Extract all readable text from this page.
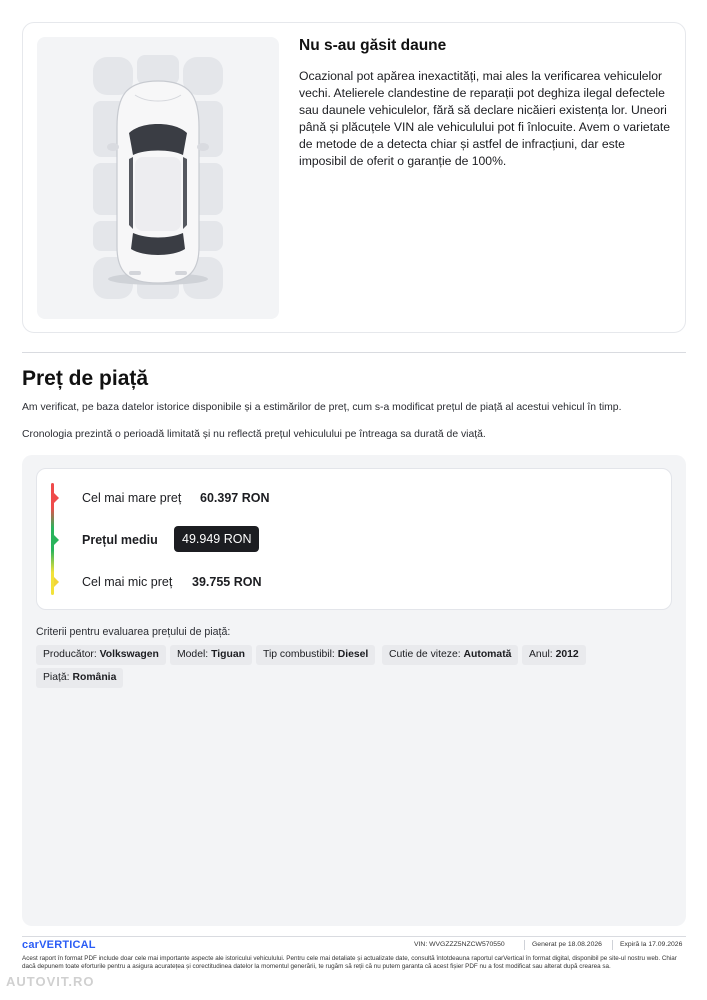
Nu s-au găsit daune
Ocazional pot apărea inexactități, mai ales la verificarea vehiculelor vechi. Atelierele clandestine de reparații pot deghiza ilegal defectele sau daunele vehiculelor, fără să declare nicăieri existența lor. Uneori până și plăcuțele VIN ale vehiculului pot fi înlocuite. Avem o varietate de metode de a detecta chiar și astfel de infracțiuni, dar este imposibil de oferit o garanție de 100%.
Preț de piață
Am verificat, pe baza datelor istorice disponibile și a estimărilor de preț, cum s-a modificat prețul de piață al acestui vehicul în timp.
Cronologia prezintă o perioadă limitată și nu reflectă prețul vehiculului pe întreaga sa durată de viață.
Cel mai mare preț 60.397 RON
Prețul mediu	49.949 RON
Cel mai mic preț 39.755 RON
Criterii pentru evaluarea prețului de piață:
Producător: Volkswagen	Model: Tiguan	Tip combustibil: Diesel	Cutie de viteze: Automată	Anul: 2012
Piață: România
carVERTICAL	VIN: WVGZZZ5NZCW570550	Generat pe 18.08.2026	Expiră la 17.09.2026
Acest raport în format PDF include doar cele mai importante aspecte ale istoricului vehiculului. Pentru cele mai detaliate și actualizate date, consultă întotdeauna raportul carVertical în format digital, disponibil pe site-ul nostru web. Chiar dacă depunem toate eforturile pentru a asigura acuratețea și corectitudinea datelor la momentul generării, te rugăm să reții că nu putem garanta că acest fișier PDF nu a fost modificat sau alterat după crearea sa.
AUTOVIT.RO
